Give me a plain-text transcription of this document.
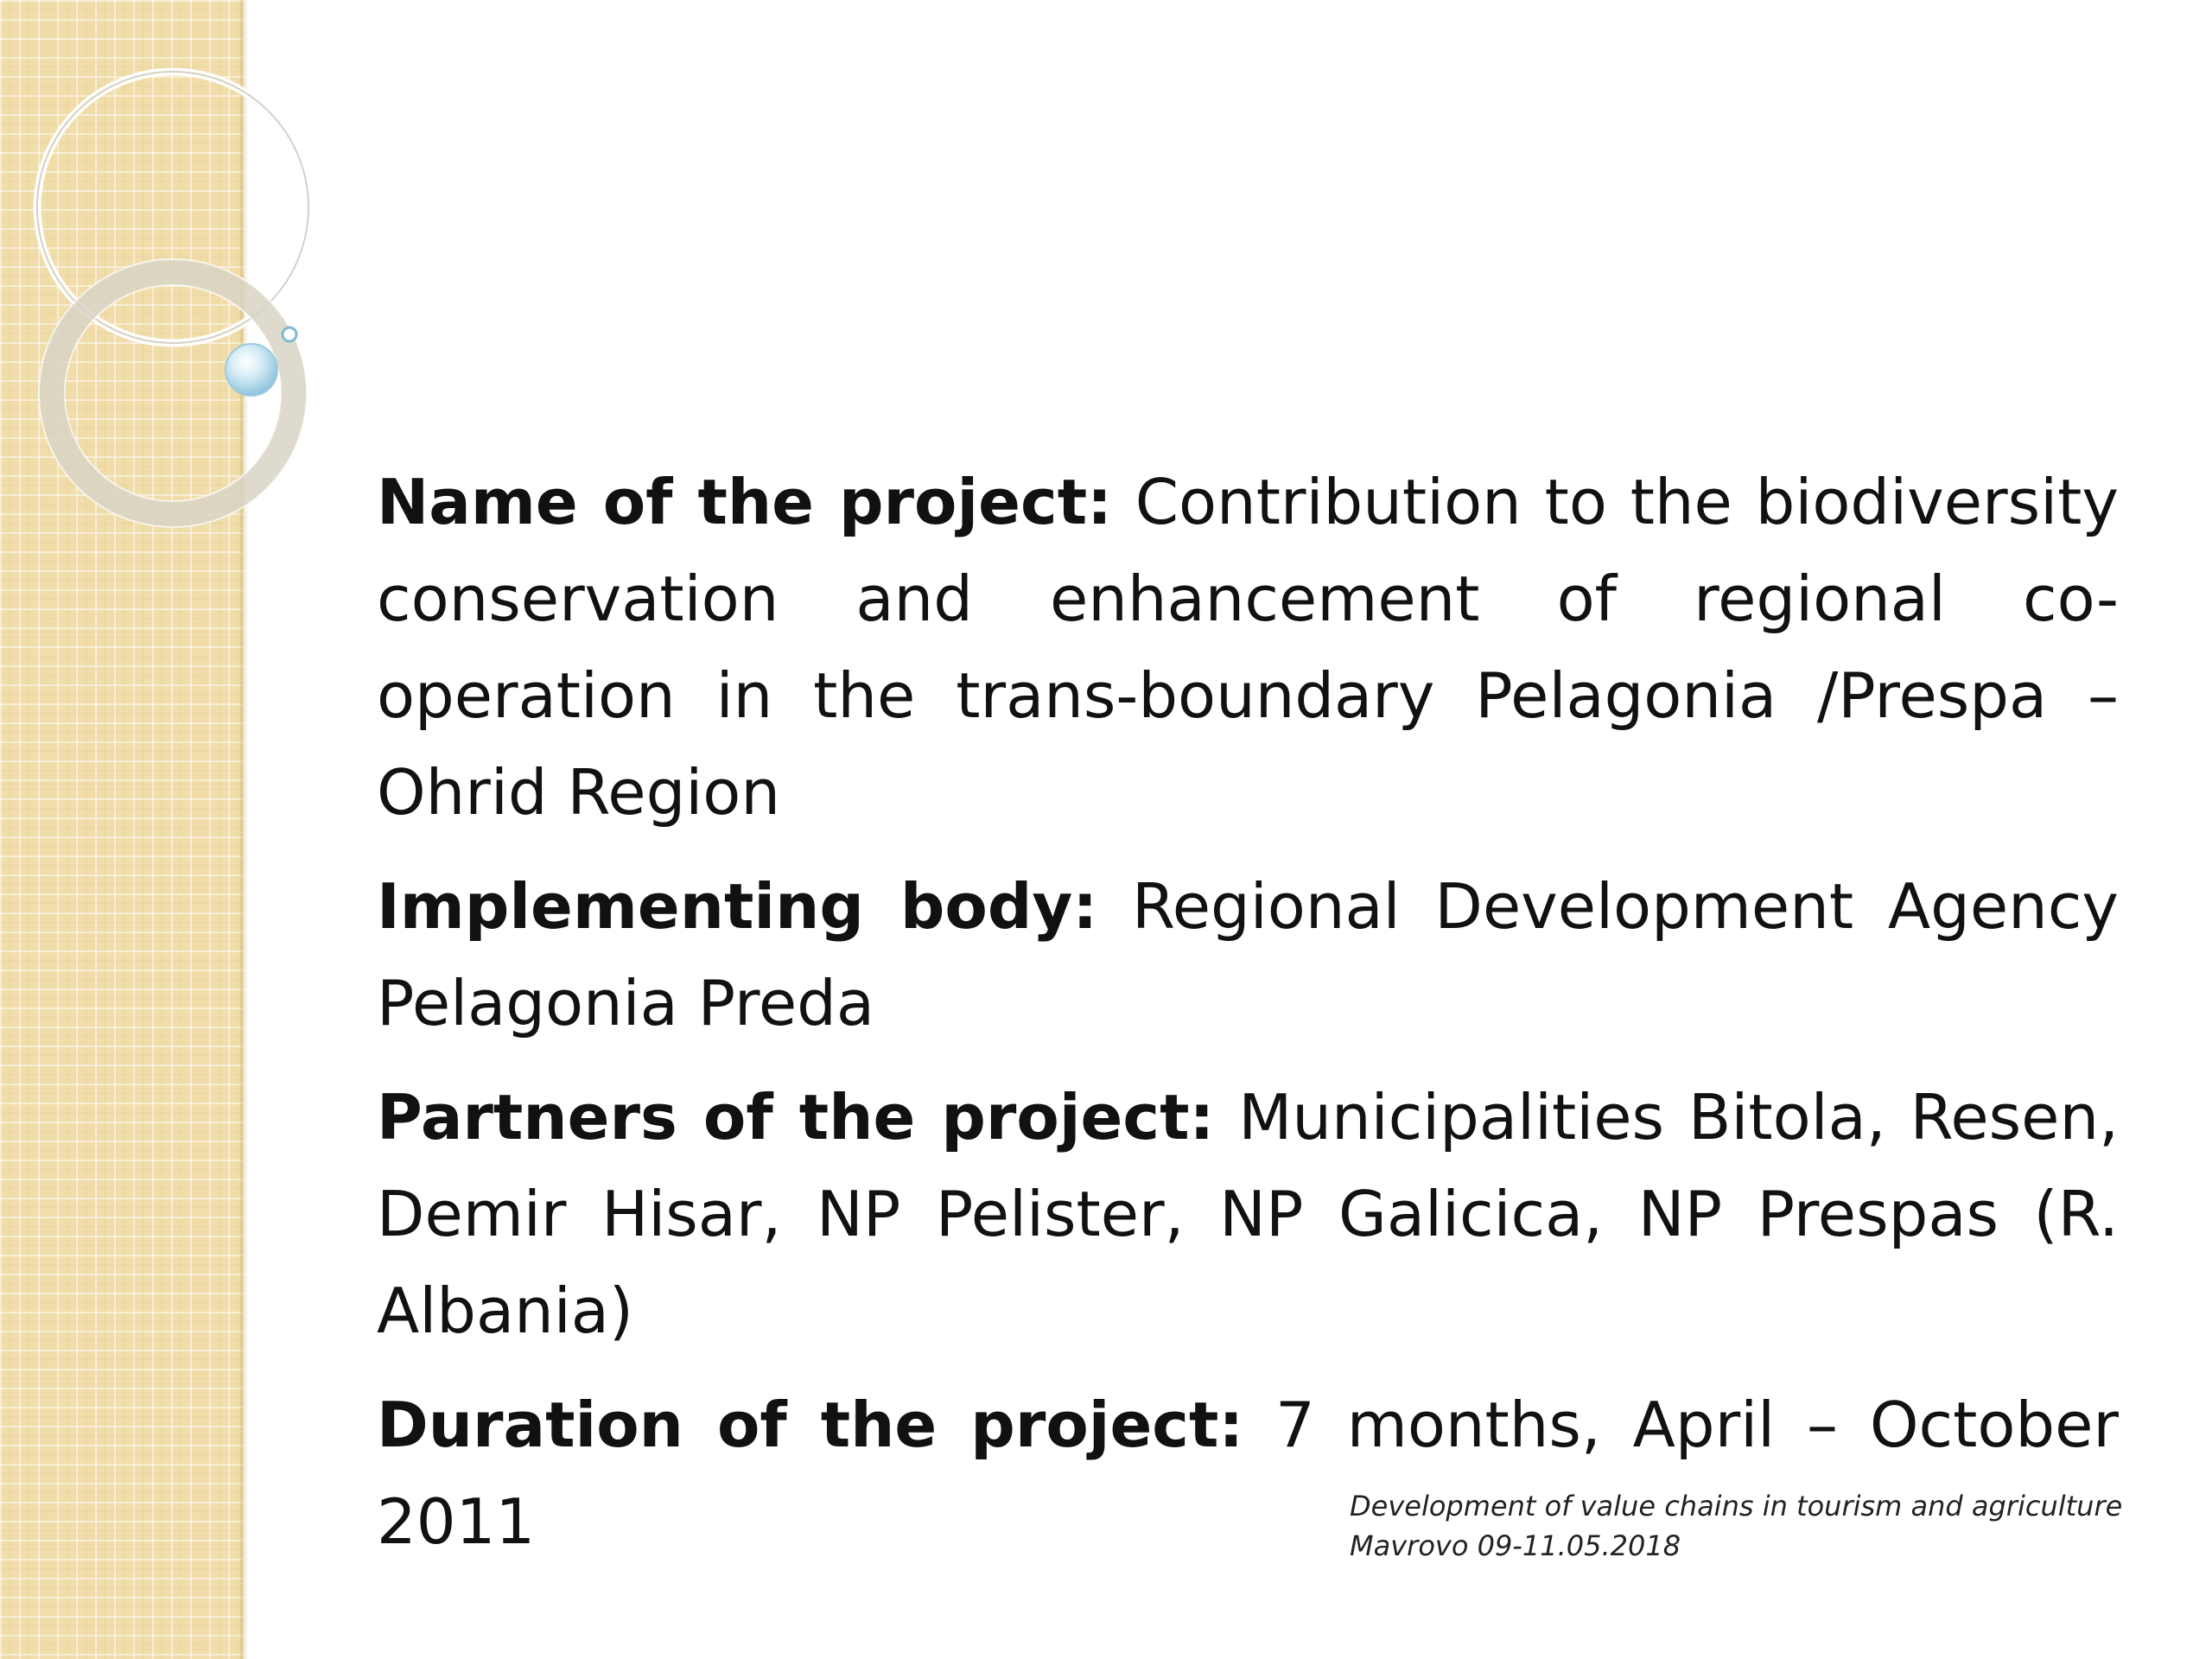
Name of the project: Contribution to the biodiversity conservation and enhancement of regional co-operation in the trans-boundary Pelagonia /Prespa – Ohrid Region

Implementing body: Regional Development Agency Pelagonia Preda

Partners of the project: Municipalities Bitola, Resen, Demir Hisar, NP Pelister, NP Galicica, NP Prespas (R. Albania)

Duration of the project: 7 months, April – October 2011	Development of value chains in tourism and agriculture
Mavrovo 09-11.05.2018
